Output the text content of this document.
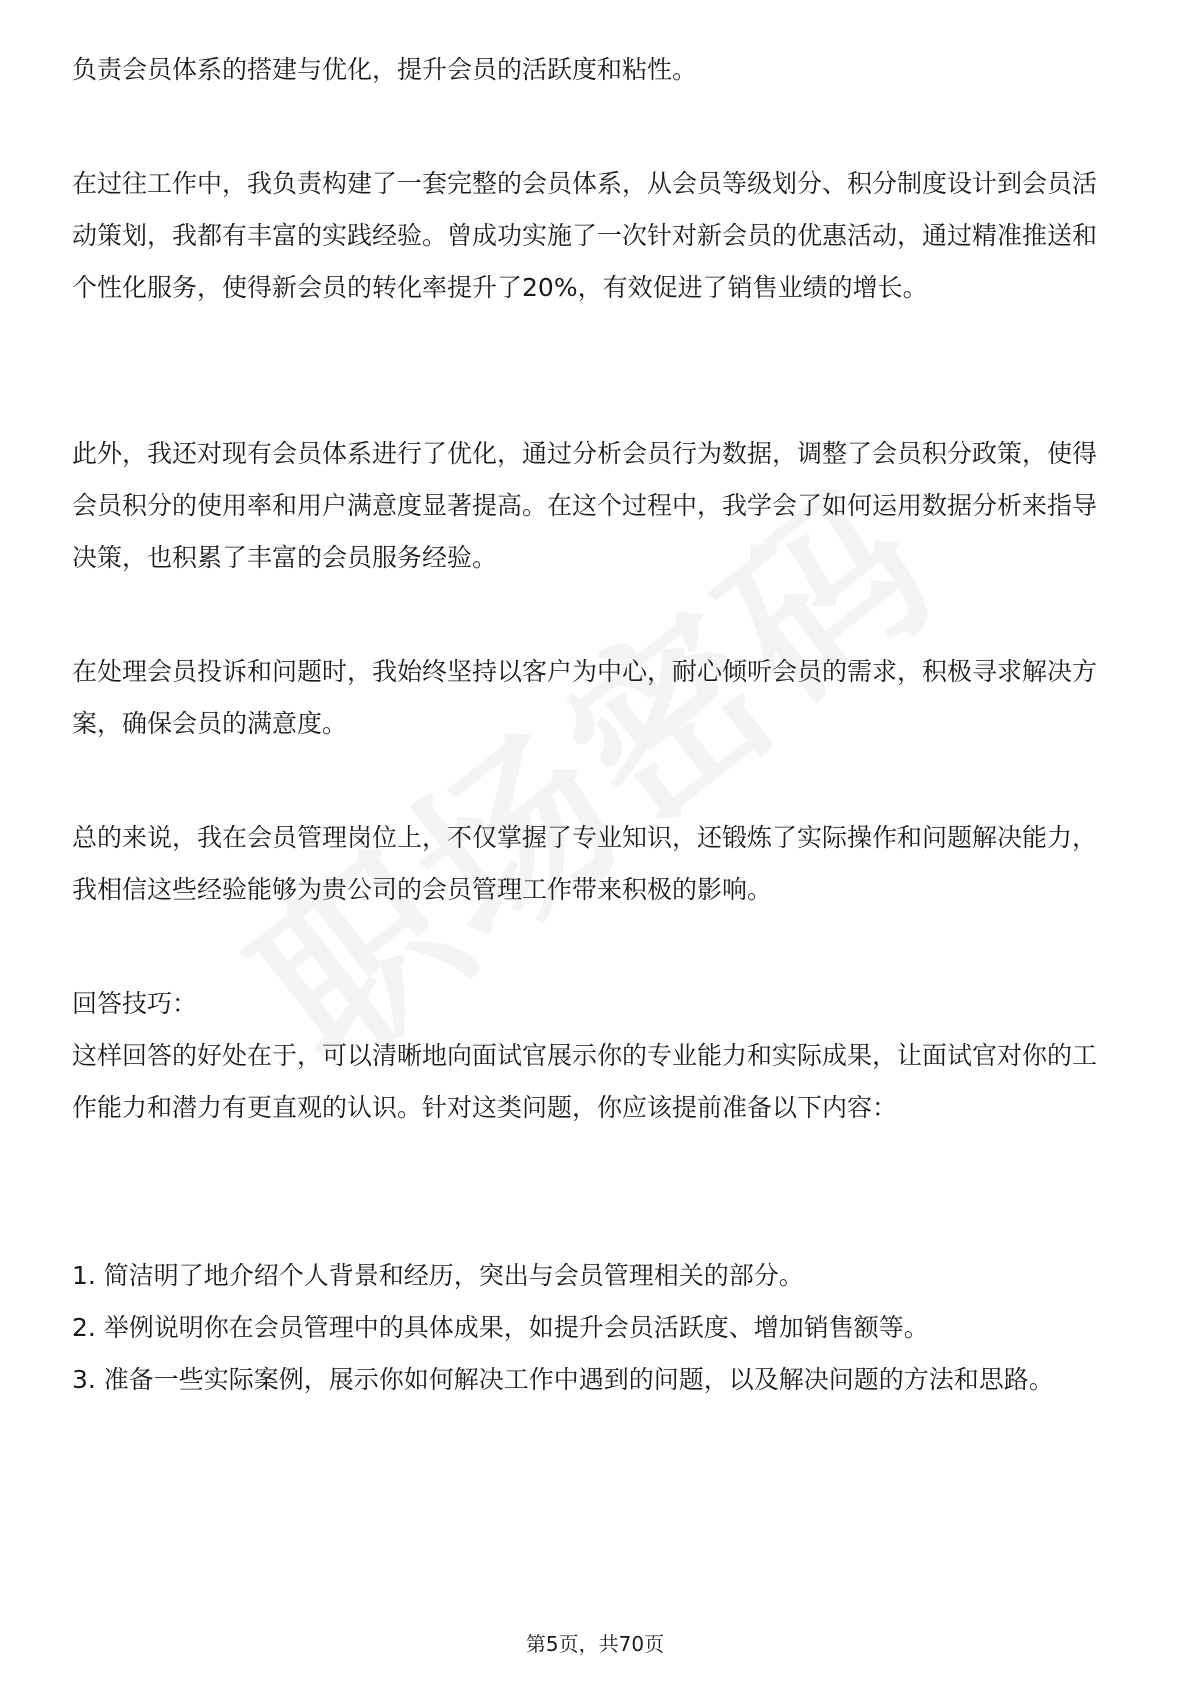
负责会员体系的搭建与优化，提升会员的活跃度和粘性。

在过往工作中，我负责构建了一套完整的会员体系，从会员等级划分、积分制度设计到会员活动策划，我都有丰富的实践经验。曾成功实施了一次针对新会员的优惠活动，通过精准推送和个性化服务，使得新会员的转化率提升了20%，有效促进了销售业绩的增长。

此外，我还对现有会员体系进行了优化，通过分析会员行为数据，调整了会员积分政策，使得会员积分的使用率和用户满意度显著提高。在这个过程中，我学会了如何运用数据分析来指导决策，也积累了丰富的会员服务经验。

在处理会员投诉和问题时，我始终坚持以客户为中心，耐心倾听会员的需求，积极寻求解决方案，确保会员的满意度。

总的来说，我在会员管理岗位上，不仅掌握了专业知识，还锻炼了实际操作和问题解决能力，我相信这些经验能够为贵公司的会员管理工作带来积极的影响。

回答技巧：

这样回答的好处在于，可以清晰地向面试官展示你的专业能力和实际成果，让面试官对你的工作能力和潜力有更直观的认识。针对这类问题，你应该提前准备以下内容：

1. 简洁明了地介绍个人背景和经历，突出与会员管理相关的部分。
2. 举例说明你在会员管理中的具体成果，如提升会员活跃度、增加销售额等。
3. 准备一些实际案例，展示你如何解决工作中遇到的问题，以及解决问题的方法和思路。
第5页，共70页
